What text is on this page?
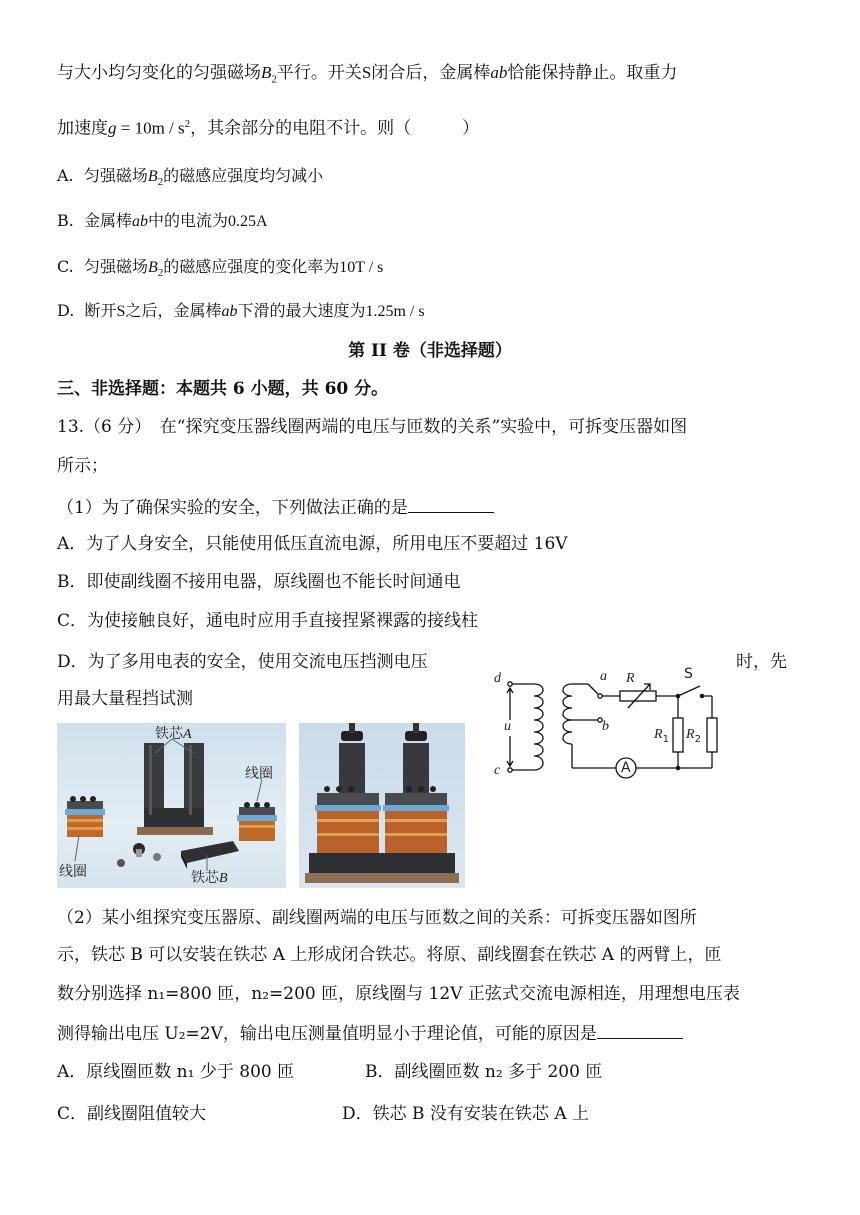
与大小均匀变化的匀强磁场$B_2$平行。开关S闭合后，金属棒ab恰能保持静止。取重力
加速度$g = 10m / s^2$，其余部分的电阻不计。则（　　　）
A. 匀强磁场$B_2$的磁感应强度均匀减小
B. 金属棒ab中的电流为0.25A
C. 匀强磁场$B_2$的磁感应强度的变化率为10T / s
D. 断开S之后，金属棒ab下滑的最大速度为1.25m / s
第 II 卷（非选择题）
三、非选择题：本题共 6 小题，共 60 分。
13.（6 分）　在“探究变压器线圈两端的电压与匝数的关系”实验中，可拆变压器如图
所示；
（1）为了确保实验的安全，下列做法正确的是
A．为了人身安全，只能使用低压直流电源，所用电压不要超过 16V
B．即使副线圈不接用电器，原线圈也不能长时间通电
C．为使接触良好，通电时应用手直接捏紧裸露的接线柱
D．为了多用电表的安全，使用交流电压挡测电压	时，先
用最大量程挡试测
铁芯A
线圈
线圈	铁芯B
d
u
c
a
b
R	S
$R_1$ $R_2$
A
（2）某小组探究变压器原、副线圈两端的电压与匝数之间的关系：可拆变压器如图所
示，铁芯 B 可以安装在铁芯 A 上形成闭合铁芯。将原、副线圈套在铁芯 A 的两臂上，匝
数分别选择 n₁=800 匝，n₂=200 匝，原线圈与 12V 正弦式交流电源相连，用理想电压表
测得输出电压 U₂=2V，输出电压测量值明显小于理论值，可能的原因是
A．原线圈匝数 n₁ 少于 800 匝	B．副线圈匝数 n₂ 多于 200 匝
C．副线圈阻值较大	D．铁芯 B 没有安装在铁芯 A 上
